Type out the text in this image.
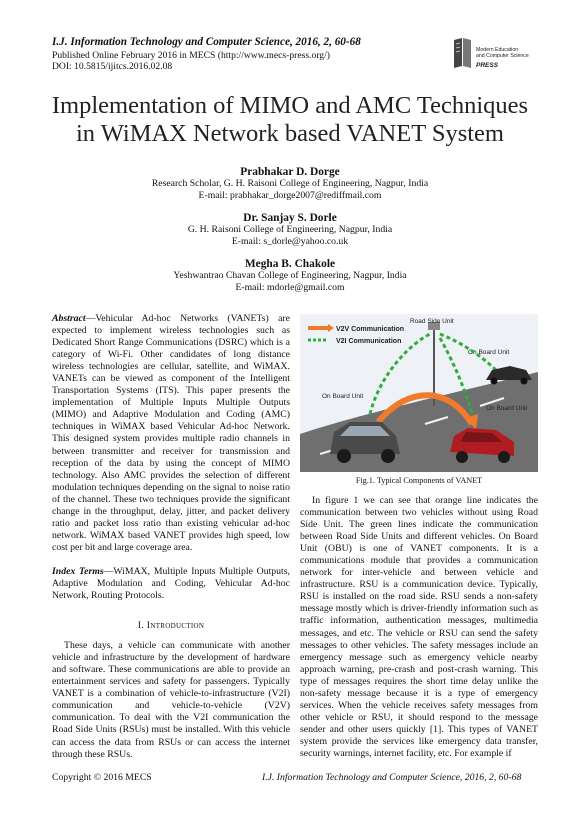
I.J. Information Technology and Computer Science, 2016, 2, 60-68
Published Online February 2016 in MECS (http://www.mecs-press.org/)
DOI: 10.5815/ijitcs.2016.02.08
Modern Education
and Computer Science
PRESS
Implementation of MIMO and AMC Techniques
in WiMAX Network based VANET System
Prabhakar D. Dorge
Research Scholar, G. H. Raisoni College of Engineering, Nagpur, India
E-mail: prabhakar_dorge2007@rediffmail.com
Dr. Sanjay S. Dorle
G. H. Raisoni College of Engineering, Nagpur, India
E-mail: s_dorle@yahoo.co.uk
Megha B. Chakole
Yeshwantrao Chavan College of Engineering, Nagpur, India
E-mail: mdorle@gmail.com

Abstract—Vehicular Ad-hoc Networks (VANETs) are expected to implement wireless technologies such as Dedicated Short Range Communications (DSRC) which is a category of Wi-Fi. Other candidates of long distance wireless technologies are cellular, satellite, and WiMAX. VANETs can be viewed as component of the Intelligent Transportation Systems (ITS). This paper presents the implementation of Multiple Inputs Multiple Outputs (MIMO) and Adaptive Modulation and Coding (AMC) techniques in WiMAX based Vehicular Ad-hoc Network. This designed system provides multiple radio channels in between transmitter and receiver for transmission and reception of the data by using the concept of MIMO technology. Also AMC provides the selection of different modulation techniques depending on the signal to noise ratio of the channel. These two techniques provide the significant change in the throughput, delay, jitter, and packet delivery ratio and packet loss ratio than existing vehicular ad-hoc network. WiMAX based VANET provides high speed, low cost per bit and large coverage area.

Index Terms—WiMAX, Multiple Inputs Multiple Outputs, Adaptive Modulation and Coding, Vehicular Ad-hoc Network, Routing Protocols.

I. Introduction

These days, a vehicle can communicate with another vehicle and infrastructure by the development of hardware and software. These communications are able to provide an entertainment services and safety for passengers. Typically VANET is a combination of vehicle-to-infrastructure (V2I) communication and vehicle-to-vehicle (V2V) communication. To deal with the V2I communication the Road Side Units (RSUs) must be installed. With this vehicle can access the data from RSUs or can access the internet through these RSUs.

V2V Communication
V2I Communication
Road Side Unit
On Board Unit
On Board Unit
On Board Unit
Fig.1. Typical Components of VANET

In figure 1 we can see that orange line indicates the communication between two vehicles without using Road Side Unit. The green lines indicate the communication between Road Side Units and different vehicles. On Board Unit (OBU) is one of VANET components. It is a communications module that provides a communication network for inter-vehicle and between vehicle and infrastructure. RSU is a communication device. Typically, RSU is installed on the road side. RSU sends a non-safety message mostly which is driver-friendly information such as traffic information, authentication messages, multimedia messages, and etc. The vehicle or RSU can send the safety messages to other vehicles. The safety messages include an emergency message such as emergency vehicle nearby approach warning, pre-crash and post-crash warning. This type of messages requires the short time delay unlike the non-safety message because it is a type of emergency services. When the vehicle receives safety messages from other vehicle or RSU, it should respond to the message sender and other users quickly [1]. This types of VANET system provide the services like emergency data transfer, security warnings, internet facility, etc. For example if

Copyright © 2016 MECS	I.J. Information Technology and Computer Science, 2016, 2, 60-68
